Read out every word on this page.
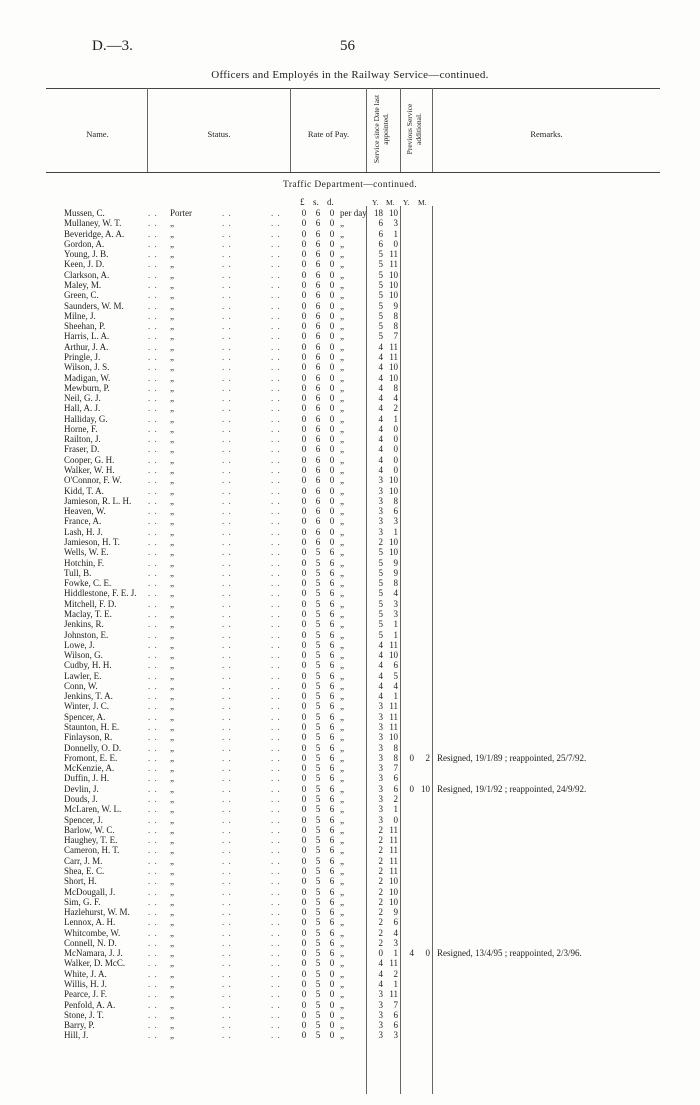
D.—3.	56
Officers and Employés in the Railway Service—continued.
Name.	Status.	Rate of Pay.	Service since Date last appointed. Previous Service additional.	Remarks.
Traffic Department—continued.
£ s. d.	Y. M. Y. M.
. .	. .	. .
Mussen, C.	Porter	0 6 0 per day 18 10
. .	. .	. .
Mullaney, W. T.	„	0 6 0 „	6	3
. .	. .	. .
Beveridge, A. A.	„	0 6 0 „	6	1
. .	. .	. .
Gordon, A.	„	0 6 0 „	6	0
. .	. .	. .
Young, J. B.	„	0 6 0 „	5 11
. .	. .	. .
Keen, J. D.	„	0 6 0 „	5 11
. .	. .	. .
Clarkson, A.	„	0 6 0 „	5 10
. .	. .	. .
Maley, M.	„	0 6 0 „	5 10
. .	. .	. .
Green, C.	„	0 6 0 „	5 10
. .	. .	. .
Saunders, W. M.	„	0 6 0 „	5	9
. .	. .	. .
Milne, J.	„	0 6 0 „	5	8
. .	. .	. .
Sheehan, P.	„	0 6 0 „	5	8
. .	. .	. .
Harris, L. A.	„	0 6 0 „	5	7
. .	. .	. .
Arthur, J. A.	„	0 6 0 „	4 11
. .	. .	. .
Pringle, J.	„	0 6 0 „	4 11
. .	. .	. .
Wilson, J. S.	„	0 6 0 „	4 10
. .	. .	. .
Madigan, W.	„	0 6 0 „	4 10
. .	. .	. .
Mewburn, P.	„	0 6 0 „	4	8
. .	. .	. .
Neil, G. J.	„	0 6 0 „	4	4
. .	. .	. .
Hall, A. J.	„	0 6 0 „	4	2
. .	. .	. .
Halliday, G.	„	0 6 0 „	4	1
. .	. .	. .
Horne, F.	„	0 6 0 „	4	0
. .	. .	. .
Railton, J.	„	0 6 0 „	4	0
. .	. .	. .
Fraser, D.	„	0 6 0 „	4	0
. .	. .	. .
Cooper, G. H.	„	0 6 0 „	4	0
. .	. .	. .
Walker, W. H.	„	0 6 0 „	4	0
. .	. .	. .
O'Connor, F. W.	„	0 6 0 „	3 10
. .	. .	. .
Kidd, T. A.	„	0 6 0 „	3 10
. .	. .	. .
Jamieson, R. L. H.	„	0 6 0 „	3	8
. .	. .	. .
Heaven, W.	„	0 6 0 „	3	6
. .	. .	. .
France, A.	„	0 6 0 „	3	3
. .	. .	. .
Lash, H. J.	„	0 6 0 „	3	1
. .	. .	. .
Jamieson, H. T.	„	0 6 0 „	2 10
. .	. .	. .
Wells, W. E.	„	0 5 6 „	5 10
. .	. .	. .
Hotchin, F.	„	0 5 6 „	5	9
. .	. .	. .
Tull, B.	„	0 5 6 „	5	9
. .	. .	. .
Fowke, C. E.	„	0 5 6 „	5	8
. .	. .	. .
Hiddlestone, F. E. J.	„	0 5 6 „	5	4
. .	. .	. .
Mitchell, F. D.	„	0 5 6 „	5	3
. .	. .	. .
Maclay, T. E.	„	0 5 6 „	5	3
. .	. .	. .
Jenkins, R.	„	0 5 6 „	5	1
. .	. .	. .
Johnston, E.	„	0 5 6 „	5	1
. .	. .	. .
Lowe, J.	„	0 5 6 „	4 11
. .	. .	. .
Wilson, G.	„	0 5 6 „	4 10
. .	. .	. .
Cudby, H. H.	„	0 5 6 „	4	6
. .	. .	. .
Lawler, E.	„	0 5 6 „	4	5
. .	. .	. .
Conn, W.	„	0 5 6 „	4	4
. .	. .	. .
Jenkins, T. A.	„	0 5 6 „	4	1
. .	. .	. .
Winter, J. C.	„	0 5 6 „	3 11
. .	. .	. .
Spencer, A.	„	0 5 6 „	3 11
. .	. .	. .
Staunton, H. E.	„	0 5 6 „	3 11
. .	. .	. .
Finlayson, R.	„	0 5 6 „	3 10
. .	. .	. .
Donnelly, O. D.	„	0 5 6 „	3	8
. .	. .	. .
Fromont, E. E.	„	0 5 6 „	3	8	0	2 Resigned, 19/1/89 ; reappointed, 25/7/92.
. .	. .	. .
McKenzie, A.	„	0 5 6 „	3	7
. .	. .	. .
Duffin, J. H.	„	0 5 6 „	3	6
. .	. .	. .
Devlin, J.	„	0 5 6 „	3	6	0 10 Resigned, 19/1/92 ; reappointed, 24/9/92.
. .	. .	. .
Douds, J.	„	0 5 6 „	3	2
. .	. .	. .
McLaren, W. L.	„	0 5 6 „	3	1
. .	. .	. .
Spencer, J.	„	0 5 6 „	3	0
. .	. .	. .
Barlow, W. C.	„	0 5 6 „	2 11
. .	. .	. .
Haughey, T. E.	„	0 5 6 „	2 11
. .	. .	. .
Cameron, H. T.	„	0 5 6 „	2 11
. .	. .	. .
Carr, J. M.	„	0 5 6 „	2 11
. .	. .	. .
Shea, E. C.	„	0 5 6 „	2 11
. .	. .	. .
Short, H.	„	0 5 6 „	2 10
. .	. .	. .
McDougall, J.	„	0 5 6 „	2 10
. .	. .	. .
Sim, G. F.	„	0 5 6 „	2 10
. .	. .	. .
Hazlehurst, W. M.	„	0 5 6 „	2	9
. .	. .	. .
Lennox, A. H.	„	0 5 6 „	2	6
. .	. .	. .
Whitcombe, W.	„	0 5 6 „	2	4
. .	. .	. .
Connell, N. D.	„	0 5 6 „	2	3
. .	. .	. .
McNamara, J. J.	„	0 5 6 „	0	1	4	0 Resigned, 13/4/95 ; reappointed, 2/3/96.
. .	. .	. .
Walker, D. McC.	„	0 5 0 „	4 11
. .	. .	. .
White, J. A.	„	0 5 0 „	4	2
. .	. .	. .
Willis, H. J.	„	0 5 0 „	4	1
. .	. .	. .
Pearce, J. F.	„	0 5 0 „	3 11
. .	. .	. .
Penfold, A. A.	„	0 5 0 „	3	7
. .	. .	. .
Stone, J. T.	„	0 5 0 „	3	6
. .	. .	. .
Barry, P.	„	0 5 0 „	3	6
. .	. .	. .
Hill, J.	„	0 5 0 „	3	3
